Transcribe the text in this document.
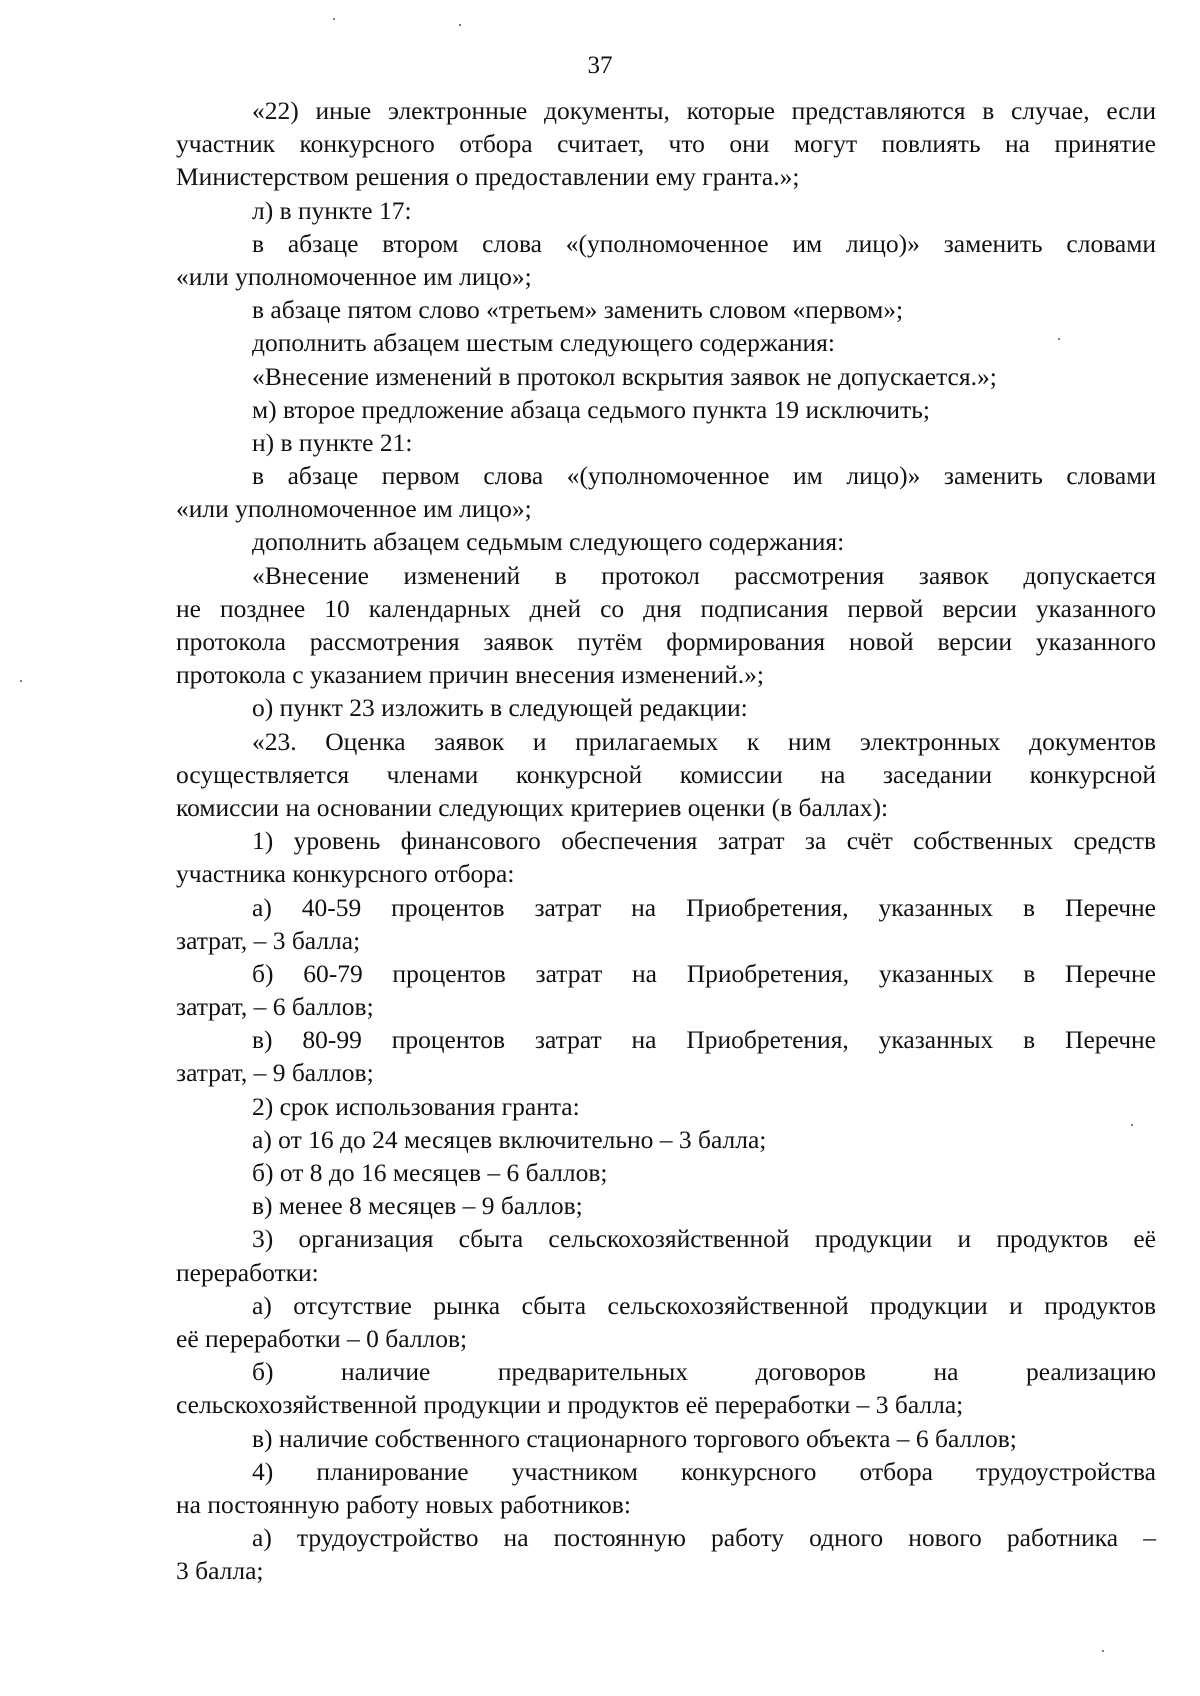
37
«22) иные электронные документы, которые представляются в случае, если
участник конкурсного отбора считает, что они могут повлиять на принятие
Министерством решения о предоставлении ему гранта.»;
л) в пункте 17:
в абзаце втором слова «(уполномоченное им лицо)» заменить словами
«или уполномоченное им лицо»;
в абзаце пятом слово «третьем» заменить словом «первом»;
дополнить абзацем шестым следующего содержания:
«Внесение изменений в протокол вскрытия заявок не допускается.»;
м) второе предложение абзаца седьмого пункта 19 исключить;
н) в пункте 21:
в абзаце первом слова «(уполномоченное им лицо)» заменить словами
«или уполномоченное им лицо»;
дополнить абзацем седьмым следующего содержания:
«Внесение изменений в протокол рассмотрения заявок допускается
не позднее 10 календарных дней со дня подписания первой версии указанного
протокола рассмотрения заявок путём формирования новой версии указанного
протокола с указанием причин внесения изменений.»;
о) пункт 23 изложить в следующей редакции:
«23. Оценка заявок и прилагаемых к ним электронных документов
осуществляется членами конкурсной комиссии на заседании конкурсной
комиссии на основании следующих критериев оценки (в баллах):
1) уровень финансового обеспечения затрат за счёт собственных средств
участника конкурсного отбора:
а) 40-59 процентов затрат на Приобретения, указанных в Перечне
затрат, – 3 балла;
б) 60-79 процентов затрат на Приобретения, указанных в Перечне
затрат, – 6 баллов;
в) 80-99 процентов затрат на Приобретения, указанных в Перечне
затрат, – 9 баллов;
2) срок использования гранта:
а) от 16 до 24 месяцев включительно – 3 балла;
б) от 8 до 16 месяцев – 6 баллов;
в) менее 8 месяцев – 9 баллов;
3) организация сбыта сельскохозяйственной продукции и продуктов её
переработки:
а) отсутствие рынка сбыта сельскохозяйственной продукции и продуктов
её переработки – 0 баллов;
б) наличие предварительных договоров на реализацию
сельскохозяйственной продукции и продуктов её переработки – 3 балла;
в) наличие собственного стационарного торгового объекта – 6 баллов;
4) планирование участником конкурсного отбора трудоустройства
на постоянную работу новых работников:
а) трудоустройство на постоянную работу одного нового работника –
3 балла;
